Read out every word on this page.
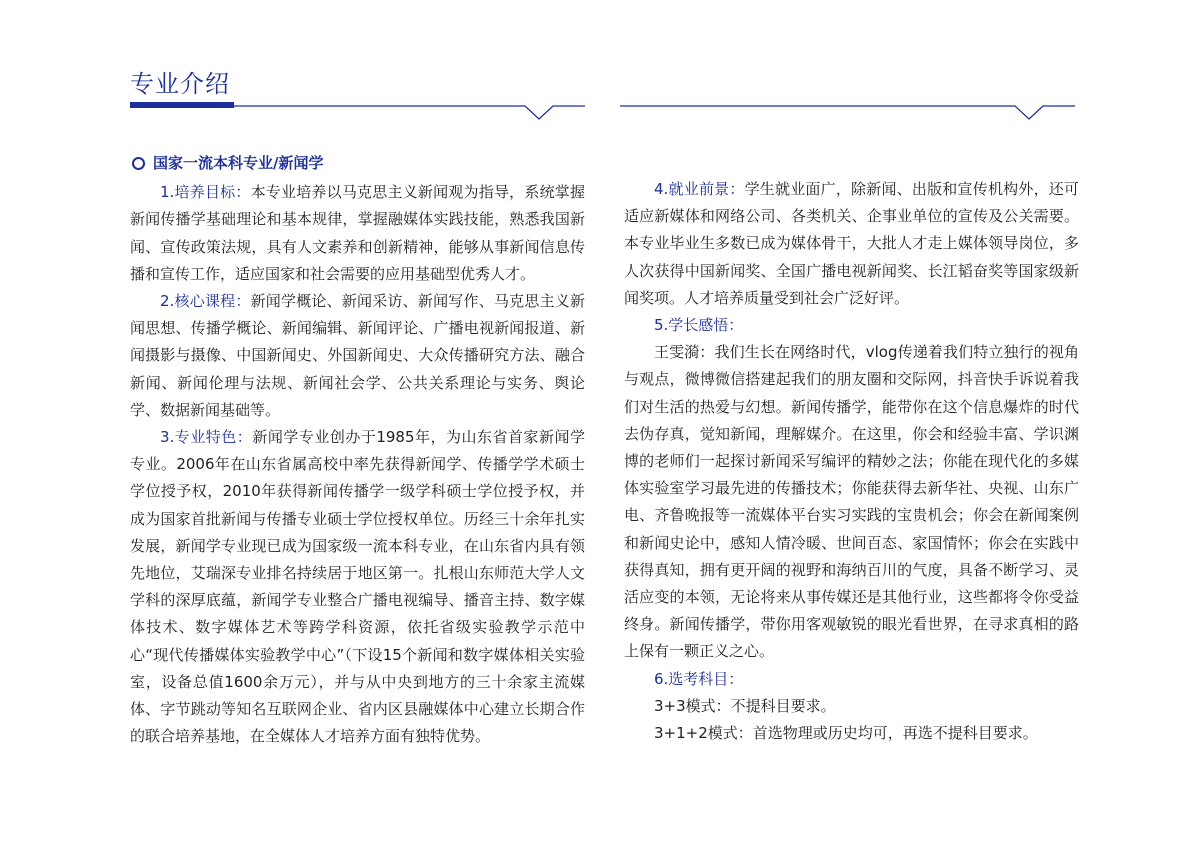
专业介绍
国家一流本科专业/新闻学

1.培养目标：本专业培养以马克思主义新闻观为指导，系统掌握新闻传播学基础理论和基本规律，掌握融媒体实践技能，熟悉我国新闻、宣传政策法规，具有人文素养和创新精神，能够从事新闻信息传播和宣传工作，适应国家和社会需要的应用基础型优秀人才。

2.核心课程：新闻学概论、新闻采访、新闻写作、马克思主义新闻思想、传播学概论、新闻编辑、新闻评论、广播电视新闻报道、新闻摄影与摄像、中国新闻史、外国新闻史、大众传播研究方法、融合新闻、新闻伦理与法规、新闻社会学、公共关系理论与实务、舆论学、数据新闻基础等。

3.专业特色：新闻学专业创办于1985年，为山东省首家新闻学专业。2006年在山东省属高校中率先获得新闻学、传播学学术硕士学位授予权，2010年获得新闻传播学一级学科硕士学位授予权，并成为国家首批新闻与传播专业硕士学位授权单位。历经三十余年扎实发展，新闻学专业现已成为国家级一流本科专业，在山东省内具有领先地位，艾瑞深专业排名持续居于地区第一。扎根山东师范大学人文学科的深厚底蕴，新闻学专业整合广播电视编导、播音主持、数字媒体技术、数字媒体艺术等跨学科资源，依托省级实验教学示范中心“现代传播媒体实验教学中心”（下设15个新闻和数字媒体相关实验室，设备总值1600余万元），并与从中央到地方的三十余家主流媒体、字节跳动等知名互联网企业、省内区县融媒体中心建立长期合作的联合培养基地，在全媒体人才培养方面有独特优势。

4.就业前景：学生就业面广，除新闻、出版和宣传机构外，还可适应新媒体和网络公司、各类机关、企事业单位的宣传及公关需要。本专业毕业生多数已成为媒体骨干，大批人才走上媒体领导岗位，多人次获得中国新闻奖、全国广播电视新闻奖、长江韬奋奖等国家级新闻奖项。人才培养质量受到社会广泛好评。

5.学长感悟：

王雯漪：我们生长在网络时代，vlog传递着我们特立独行的视角与观点，微博微信搭建起我们的朋友圈和交际网，抖音快手诉说着我们对生活的热爱与幻想。新闻传播学，能带你在这个信息爆炸的时代去伪存真，觉知新闻，理解媒介。在这里，你会和经验丰富、学识渊博的老师们一起探讨新闻采写编评的精妙之法；你能在现代化的多媒体实验室学习最先进的传播技术；你能获得去新华社、央视、山东广电、齐鲁晚报等一流媒体平台实习实践的宝贵机会；你会在新闻案例和新闻史论中，感知人情冷暖、世间百态、家国情怀；你会在实践中获得真知，拥有更开阔的视野和海纳百川的气度，具备不断学习、灵活应变的本领，无论将来从事传媒还是其他行业，这些都将令你受益终身。新闻传播学，带你用客观敏锐的眼光看世界，在寻求真相的路上保有一颗正义之心。

6.选考科目：

3+3模式：不提科目要求。

3+1+2模式：首选物理或历史均可，再选不提科目要求。
